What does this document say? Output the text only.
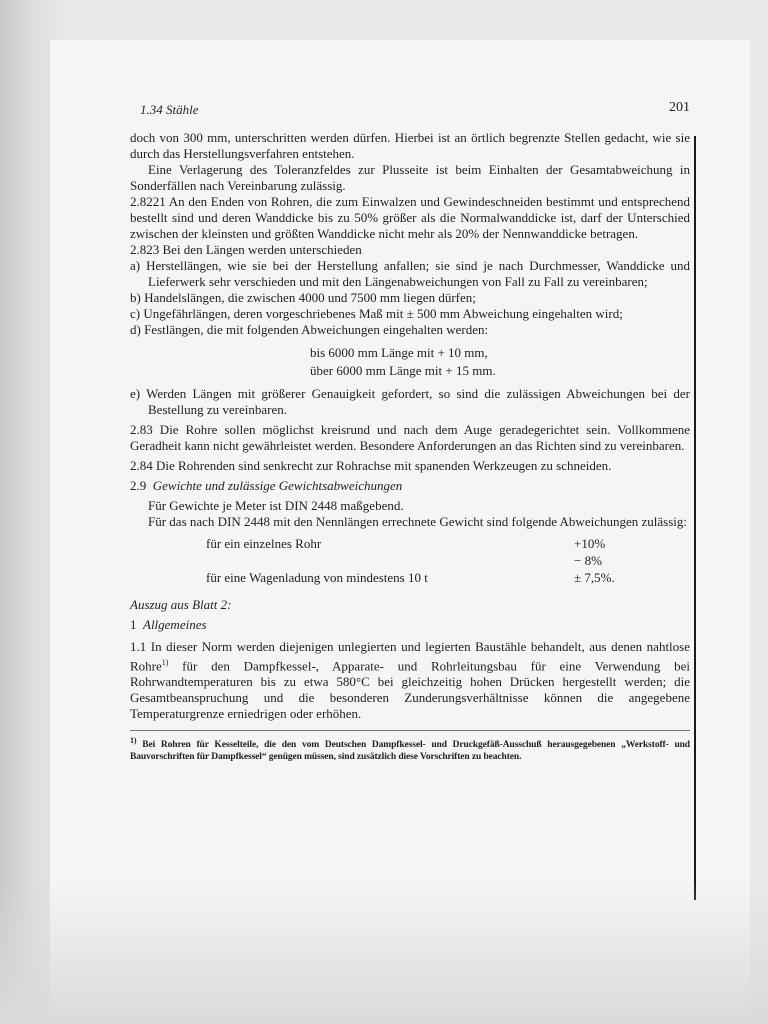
1.34 Stähle	201

doch von 300 mm, unterschritten werden dürfen. Hierbei ist an örtlich begrenzte Stellen gedacht, wie sie durch das Herstellungsverfahren entstehen.

Eine Verlagerung des Toleranzfeldes zur Plusseite ist beim Einhalten der Gesamtabweichung in Sonderfällen nach Vereinbarung zulässig.

2.8221 An den Enden von Rohren, die zum Einwalzen und Gewindeschneiden bestimmt und entsprechend bestellt sind und deren Wanddicke bis zu 50% größer als die Normalwanddicke ist, darf der Unterschied zwischen der kleinsten und größten Wanddicke nicht mehr als 20% der Nennwanddicke betragen.

2.823 Bei den Längen werden unterschieden

a) Herstellängen, wie sie bei der Herstellung anfallen; sie sind je nach Durchmesser, Wanddicke und Lieferwerk sehr verschieden und mit den Längenabweichungen von Fall zu Fall zu vereinbaren;

b) Handelslängen, die zwischen 4000 und 7500 mm liegen dürfen;

c) Ungefährlängen, deren vorgeschriebenes Maß mit ± 500 mm Abweichung eingehalten wird;

d) Festlängen, die mit folgenden Abweichungen eingehalten werden:

bis 6000 mm Länge mit + 10 mm,
über 6000 mm Länge mit + 15 mm.

e) Werden Längen mit größerer Genauigkeit gefordert, so sind die zulässigen Abweichungen bei der Bestellung zu vereinbaren.

2.83 Die Rohre sollen möglichst kreisrund und nach dem Auge geradegerichtet sein. Vollkommene Geradheit kann nicht gewährleistet werden. Besondere Anforderungen an das Richten sind zu vereinbaren.

2.84 Die Rohrenden sind senkrecht zur Rohrachse mit spanenden Werkzeugen zu schneiden.

2.9 Gewichte und zulässige Gewichtsabweichungen

Für Gewichte je Meter ist DIN 2448 maßgebend.

Für das nach DIN 2448 mit den Nennlängen errechnete Gewicht sind folgende Abweichungen zulässig:

für ein einzelnes Rohr	+10%
− 8%
für eine Wagenladung von mindestens 10 t	± 7,5%.

Auszug aus Blatt 2:

1 Allgemeines

1.1 In dieser Norm werden diejenigen unlegierten und legierten Baustähle behandelt, aus denen nahtlose Rohre$^{1)}$ für den Dampfkessel-, Apparate- und Rohrleitungsbau für eine Verwendung bei Rohrwandtemperaturen bis zu etwa 580°C bei gleichzeitig hohen Drücken hergestellt werden; die Gesamtbeanspruchung und die besonderen Zunderungsverhältnisse können die angegebene Temperaturgrenze erniedrigen oder erhöhen.

$^{1)}$ Bei Rohren für Kesselteile, die den vom Deutschen Dampfkessel- und Druckgefäß-Ausschuß herausgegebenen „Werkstoff- und Bauvorschriften für Dampfkessel“ genügen müssen, sind zusätzlich diese Vorschriften zu beachten.
